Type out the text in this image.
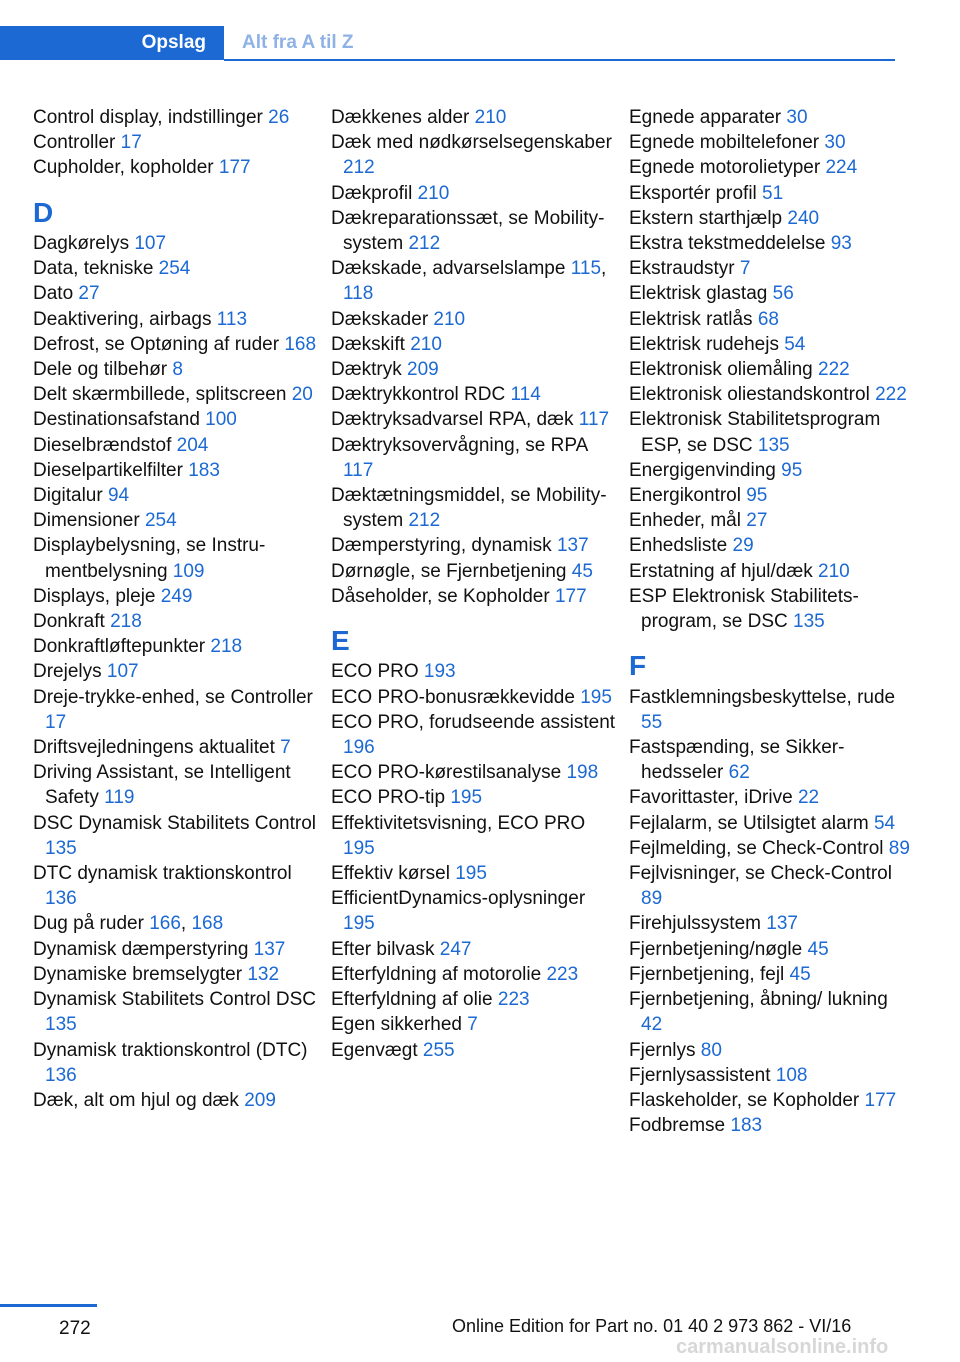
Opslag	Alt fra A til Z
Control display, indstillinger 26
Controller 17
Cupholder, kopholder 177
D
Dagkørelys 107
Data, tekniske 254
Dato 27
Deaktivering, airbags 113
Defrost, se Optøning af ruder 168
Dele og tilbehør 8
Delt skærmbillede, splitscreen 20
Destinationsafstand 100
Dieselbrændstof 204
Dieselpartikelfilter 183
Digitalur 94
Dimensioner 254
Displaybelysning, se Instrumentbelysning 109
Displays, pleje 249
Donkraft 218
Donkraftløftepunkter 218
Drejelys 107
Dreje-trykke-enhed, se Controller 17
Driftsvejledningens aktualitet 7
Driving Assistant, se Intelligent Safety 119
DSC Dynamisk Stabilitets Control 135
DTC dynamisk traktionskontrol 136
Dug på ruder 166, 168
Dynamisk dæmperstyring 137
Dynamiske bremselygter 132
Dynamisk Stabilitets Control DSC 135
Dynamisk traktionskontrol (DTC) 136
Dæk, alt om hjul og dæk 209
Dækkenes alder 210
Dæk med nødkørselsegenskaber 212
Dækprofil 210
Dækreparationssæt, se Mobility-system 212
Dækskade, advarselslampe 115, 118
Dækskader 210
Dækskift 210
Dæktryk 209
Dæktrykkontrol RDC 114
Dæktryksadvarsel RPA, dæk 117
Dæktryksovervågning, se RPA 117
Dæktætningsmiddel, se Mobility-system 212
Dæmperstyring, dynamisk 137
Dørnøgle, se Fjernbetjening 45
Dåseholder, se Kopholder 177
E
ECO PRO 193
ECO PRO-bonusrækkevidde 195
ECO PRO, forudseende assistent 196
ECO PRO-kørestilsanalyse 198
ECO PRO-tip 195
Effektivitetsvisning, ECO PRO 195
Effektiv kørsel 195
EfficientDynamics-oplysninger 195
Efter bilvask 247
Efterfyldning af motorolie 223
Efterfyldning af olie 223
Egen sikkerhed 7
Egenvægt 255
Egnede apparater 30
Egnede mobiltelefoner 30
Egnede motorolietyper 224
Eksportér profil 51
Ekstern starthjælp 240
Ekstra tekstmeddelelse 93
Ekstraudstyr 7
Elektrisk glastag 56
Elektrisk ratlås 68
Elektrisk rudehejs 54
Elektronisk oliemåling 222
Elektronisk oliestandskontrol 222
Elektronisk Stabilitetsprogram ESP, se DSC 135
Energigenvinding 95
Energikontrol 95
Enheder, mål 27
Enhedsliste 29
Erstatning af hjul/dæk 210
ESP Elektronisk Stabilitetsprogram, se DSC 135
F
Fastklemningsbeskyttelse, rude 55
Fastspænding, se Sikkerhedsseler 62
Favorittaster, iDrive 22
Fejlalarm, se Utilsigtet alarm 54
Fejlmelding, se Check-Control 89
Fejlvisninger, se Check-Control 89
Firehjulssystem 137
Fjernbetjening/nøgle 45
Fjernbetjening, fejl 45
Fjernbetjening, åbning/ lukning 42
Fjernlys 80
Fjernlysassistent 108
Flaskeholder, se Kopholder 177
Fodbremse 183
272	Online Edition for Part no. 01 40 2 973 862 - VI/16
carmanualsonline.info
